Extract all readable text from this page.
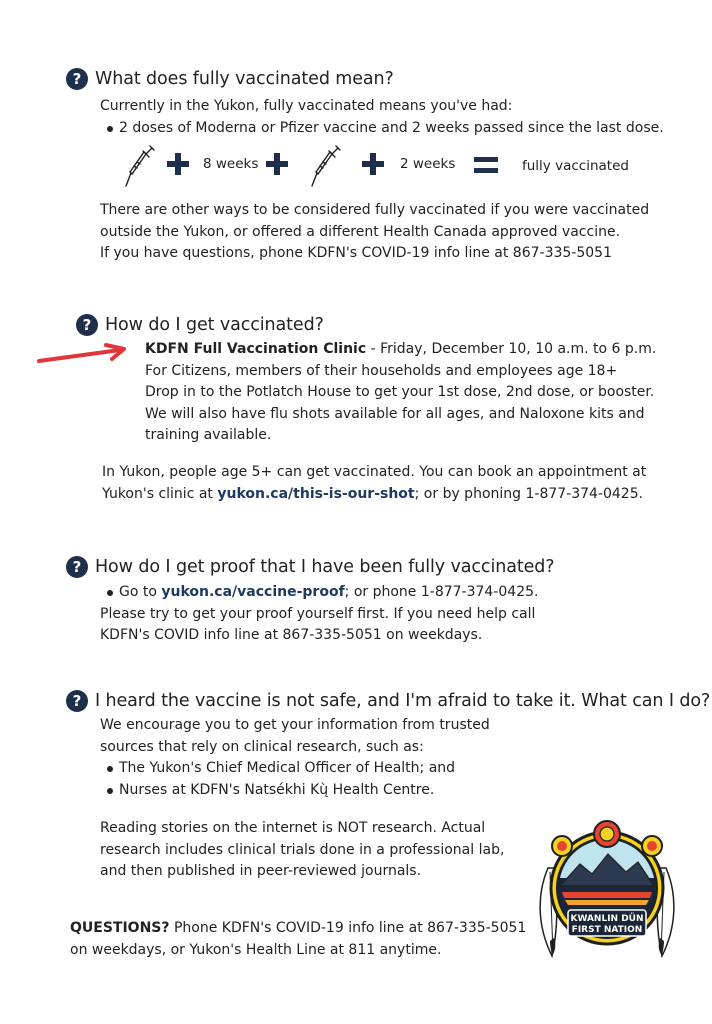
? What does fully vaccinated mean?
Currently in the Yukon, fully vaccinated means you've had:
2 doses of Moderna or Pfizer vaccine and 2 weeks passed since the last dose.
8 weeks	2 weeks	fully vaccinated
There are other ways to be considered fully vaccinated if you were vaccinated
outside the Yukon, or offered a different Health Canada approved vaccine.
If you have questions, phone KDFN's COVID-19 info line at 867-335-5051
? How do I get vaccinated?
KDFN Full Vaccination Clinic - Friday, December 10, 10 a.m. to 6 p.m.
For Citizens, members of their households and employees age 18+
Drop in to the Potlatch House to get your 1st dose, 2nd dose, or booster.
We will also have flu shots available for all ages, and Naloxone kits and
training available.
In Yukon, people age 5+ can get vaccinated. You can book an appointment at
Yukon's clinic at yukon.ca/this-is-our-shot; or by phoning 1-877-374-0425.
? How do I get proof that I have been fully vaccinated?
Go to yukon.ca/vaccine-proof; or phone 1-877-374-0425.
Please try to get your proof yourself first. If you need help call
KDFN's COVID info line at 867-335-5051 on weekdays.
? I heard the vaccine is not safe, and I'm afraid to take it. What can I do?
We encourage you to get your information from trusted
sources that rely on clinical research, such as:
The Yukon's Chief Medical Officer of Health; and
Nurses at KDFN's Natsékhi Kų̀ Health Centre.
Reading stories on the internet is NOT research. Actual
research includes clinical trials done in a professional lab,
and then published in peer-reviewed journals.
QUESTIONS? Phone KDFN's COVID-19 info line at 867-335-5051
on weekdays, or Yukon's Health Line at 811 anytime.
KWANLIN DÜN
FIRST NATION
